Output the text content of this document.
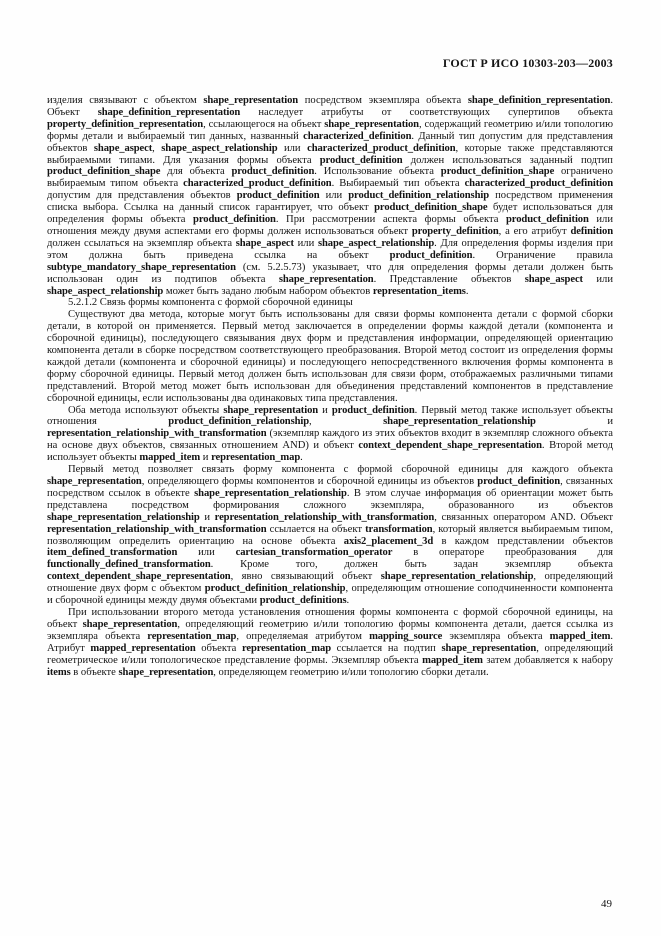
ГОСТ Р ИСО 10303-203—2003

изделия связывают с объектом shape_representation посредством экземпляра объекта shape_definition_representation. Объект shape_definition_representation наследует атрибуты от соответствующих супертипов объекта property_definition_representation, ссылающегося на объект shape_representation, содержащий геометрию и/или топологию формы детали и выбираемый тип данных, названный characterized_definition. Данный тип допустим для представления объектов shape_aspect, shape_aspect_relationship или characterized_product_definition, которые также представляются выбираемыми типами. Для указания формы объекта product_definition должен использоваться заданный подтип product_definition_shape для объекта product_definition. Использование объекта product_definition_shape ограничено выбираемым типом объекта characterized_product_definition. Выбираемый тип объекта characterized_product_definition допустим для представления объектов product_definition или product_definition_relationship посредством применения списка выбора. Ссылка на данный список гарантирует, что объект product_definition_shape будет использоваться для определения формы объекта product_definition. При рассмотрении аспекта формы объекта product_definition или отношения между двумя аспектами его формы должен использоваться объект property_definition, а его атрибут definition должен ссылаться на экземпляр объекта shape_aspect или shape_aspect_relationship. Для определения формы изделия при этом должна быть приведена ссылка на объект product_definition. Ограничение правила subtype_mandatory_shape_representation (см. 5.2.5.73) указывает, что для определения формы детали должен быть использован один из подтипов объекта shape_representation. Представление объектов shape_aspect или shape_aspect_relationship может быть задано любым набором объектов representation_items.

5.2.1.2 Связь формы компонента с формой сборочной единицы

Существуют два метода, которые могут быть использованы для связи формы компонента детали с формой сборки детали, в которой он применяется. Первый метод заключается в определении формы каждой детали (компонента и сборочной единицы), последующего связывания двух форм и представления информации, определяющей ориентацию компонента детали в сборке посредством соответствующего преобразования. Второй метод состоит из определения формы каждой детали (компонента и сборочной единицы) и последующего непосредственного включения формы компонента в форму сборочной единицы. Первый метод должен быть использован для связи форм, отображаемых различными типами представлений. Второй метод может быть использован для объединения представлений компонентов в представление сборочной единицы, если использованы два одинаковых типа представления.

Оба метода используют объекты shape_representation и product_definition. Первый метод также использует объекты отношения product_definition_relationship, shape_representation_relationship и representation_relationship_with_transformation (экземпляр каждого из этих объектов входит в экземпляр сложного объекта на основе двух объектов, связанных отношением AND) и объект context_dependent_shape_representation. Второй метод использует объекты mapped_item и representation_map.

Первый метод позволяет связать форму компонента с формой сборочной единицы для каждого объекта shape_representation, определяющего формы компонентов и сборочной единицы из объектов product_definition, связанных посредством ссылок в объекте shape_representation_relationship. В этом случае информация об ориентации может быть представлена посредством формирования сложного экземпляра, образованного из объектов shape_representation_relationship и representation_relationship_with_transformation, связанных оператором AND. Объект representation_relationship_with_transformation ссылается на объект transformation, который является выбираемым типом, позволяющим определить ориентацию на основе объекта axis2_placement_3d в каждом представлении объектов item_defined_transformation или cartesian_transformation_operator в операторе преобразования для functionally_defined_transformation. Кроме того, должен быть задан экземпляр объекта context_dependent_shape_representation, явно связывающий объект shape_representation_relationship, определяющий отношение двух форм с объектом product_definition_relationship, определяющим отношение соподчиненности компонента и сборочной единицы между двумя объектами product_definitions.

При использовании второго метода установления отношения формы компонента с формой сборочной единицы, на объект shape_representation, определяющий геометрию и/или топологию формы компонента детали, дается ссылка из экземпляра объекта representation_map, определяемая атрибутом mapping_source экземпляра объекта mapped_item. Атрибут mapped_representation объекта representation_map ссылается на подтип shape_representation, определяющий геометрическое и/или топологическое представление формы. Экземпляр объекта mapped_item затем добавляется к набору items в объекте shape_representation, определяющем геометрию и/или топологию сборки детали.

49
